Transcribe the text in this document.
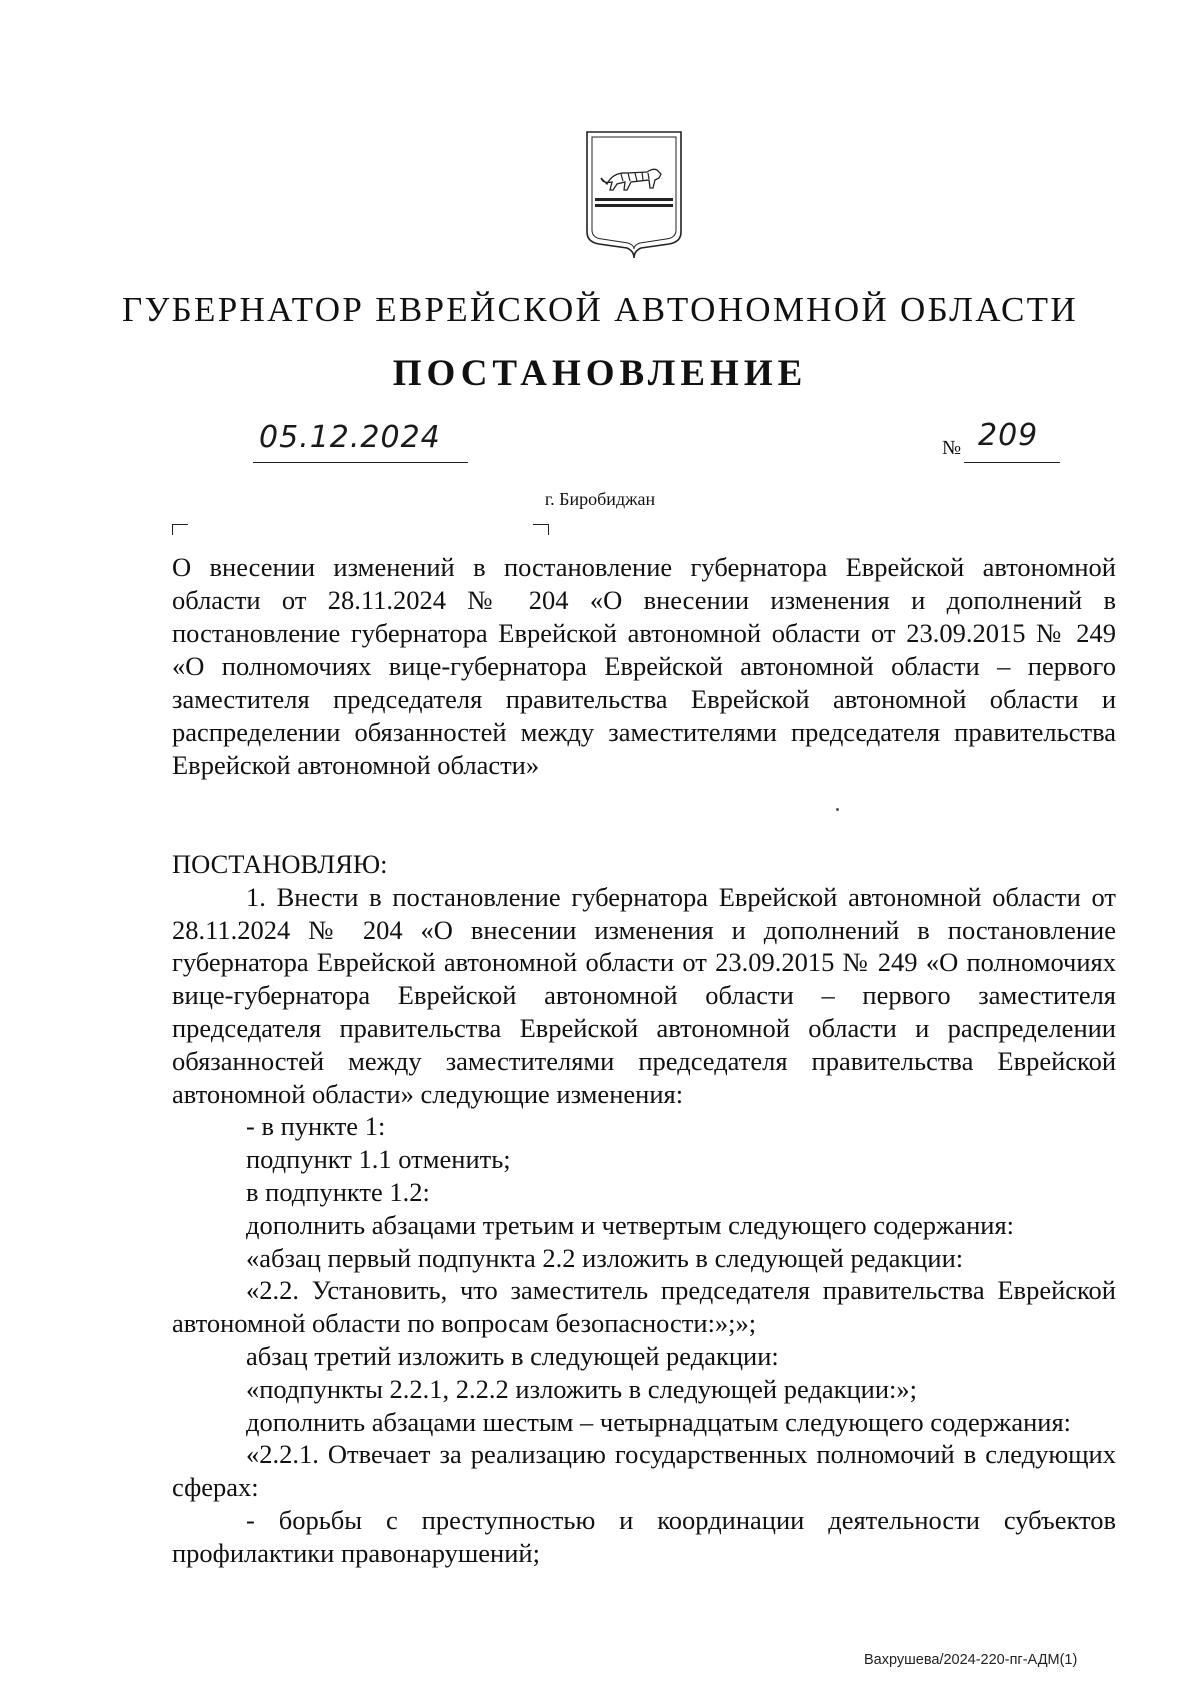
ГУБЕРНАТОР ЕВРЕЙСКОЙ АВТОНОМНОЙ ОБЛАСТИ
ПОСТАНОВЛЕНИЕ
05.12.2024	№ 209
г. Биробиджан
О внесении изменений в постановление губернатора Еврейской автономной области от 28.11.2024 № 204 «О внесении изменения и дополнений в постановление губернатора Еврейской автономной области от 23.09.2015 № 249 «О полномочиях вице-губернатора Еврейской автономной области – первого заместителя председателя правительства Еврейской автономной области и распределении обязанностей между заместителями председателя правительства Еврейской автономной области»

ПОСТАНОВЛЯЮ:

1. Внести в постановление губернатора Еврейской автономной области от 28.11.2024 № 204 «О внесении изменения и дополнений в постановление губернатора Еврейской автономной области от 23.09.2015 № 249 «О полномочиях вице-губернатора Еврейской автономной области – первого заместителя председателя правительства Еврейской автономной области и распределении обязанностей между заместителями председателя правительства Еврейской автономной области» следующие изменения:

- в пункте 1:

подпункт 1.1 отменить;

в подпункте 1.2:

дополнить абзацами третьим и четвертым следующего содержания:

«абзац первый подпункта 2.2 изложить в следующей редакции:

«2.2. Установить, что заместитель председателя правительства Еврейской автономной области по вопросам безопасности:»;»;

абзац третий изложить в следующей редакции:

«подпункты 2.2.1, 2.2.2 изложить в следующей редакции:»;

дополнить абзацами шестым – четырнадцатым следующего содержания:

«2.2.1. Отвечает за реализацию государственных полномочий в следующих сферах:

- борьбы с преступностью и координации деятельности субъектов профилактики правонарушений;

Вахрушева/2024-220-пг-АДМ(1)
